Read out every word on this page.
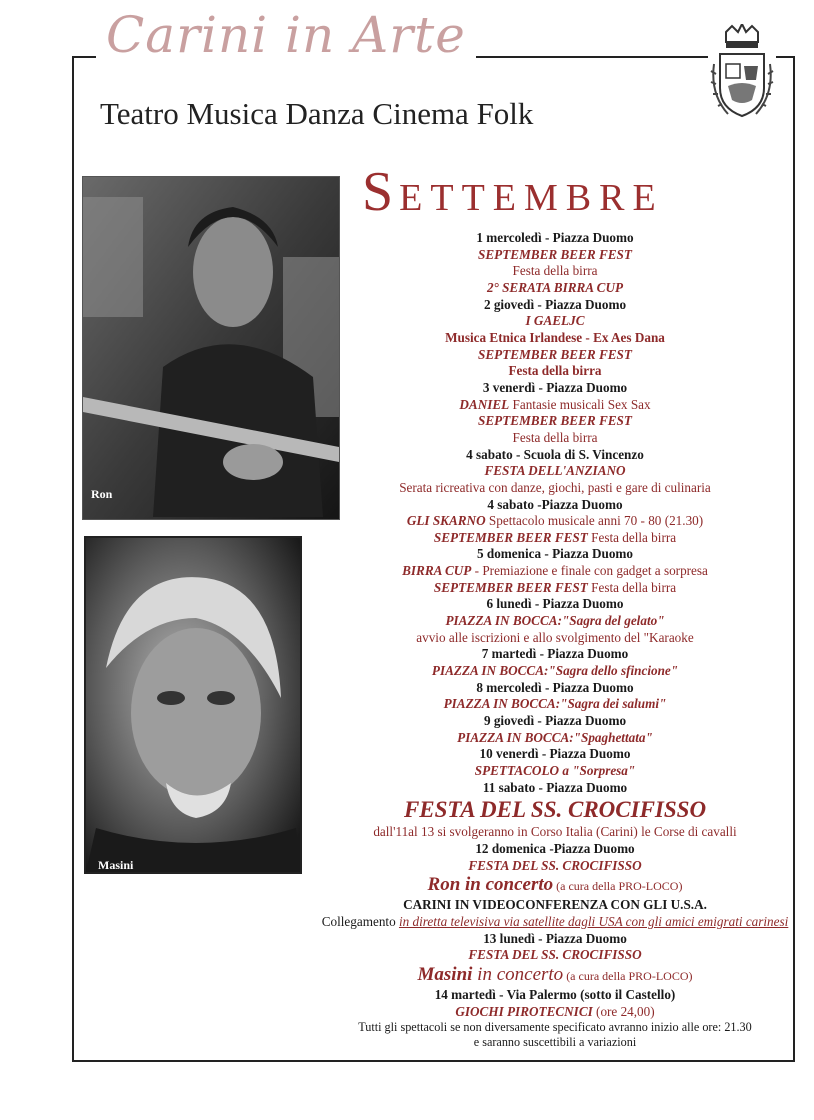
Carini in Arte
Teatro Musica Danza Cinema Folk
Ron
Masini
SETTEMBRE
1 mercoledì - Piazza Duomo
SEPTEMBER BEER FEST
Festa della birra
2° SERATA BIRRA CUP
2 giovedì - Piazza Duomo
I GAELJC
Musica Etnica Irlandese - Ex Aes Dana
SEPTEMBER BEER FEST
Festa della birra
3 venerdì - Piazza Duomo
DANIEL Fantasie musicali Sex Sax
SEPTEMBER BEER FEST
Festa della birra
4 sabato - Scuola di S. Vincenzo
FESTA DELL'ANZIANO
Serata ricreativa con danze, giochi, pasti e gare di culinaria
4 sabato -Piazza Duomo
GLI SKARNO Spettacolo musicale anni 70 - 80 (21.30)
SEPTEMBER BEER FEST Festa della birra
5 domenica - Piazza Duomo
BIRRA CUP - Premiazione e finale con gadget a sorpresa
SEPTEMBER BEER FEST Festa della birra
6 lunedì - Piazza Duomo
PIAZZA IN BOCCA:"Sagra del gelato"
avvio alle iscrizioni e allo svolgimento del "Karaoke
7 martedì - Piazza Duomo
PIAZZA IN BOCCA:"Sagra dello sfincione"
8 mercoledì - Piazza Duomo
PIAZZA IN BOCCA:"Sagra dei salumi"
9 giovedì - Piazza Duomo
PIAZZA IN BOCCA:"Spaghettata"
10 venerdì - Piazza Duomo
SPETTACOLO a "Sorpresa"
11 sabato - Piazza Duomo
FESTA DEL SS. CROCIFISSO
dall'11al 13 si svolgeranno in Corso Italia (Carini) le Corse di cavalli
12 domenica -Piazza Duomo
FESTA DEL SS. CROCIFISSO
Ron in concerto (a cura della PRO-LOCO)
CARINI IN VIDEOCONFERENZA CON GLI U.S.A.
Collegamento in diretta televisiva via satellite dagli USA con gli amici emigrati carinesi
13 lunedì - Piazza Duomo
FESTA DEL SS. CROCIFISSO
Masini in concerto (a cura della PRO-LOCO)
14 martedì - Via Palermo (sotto il Castello)
GIOCHI PIROTECNICI (ore 24,00)
Tutti gli spettacoli se non diversamente specificato avranno inizio alle ore: 21.30
e saranno suscettibili a variazioni
